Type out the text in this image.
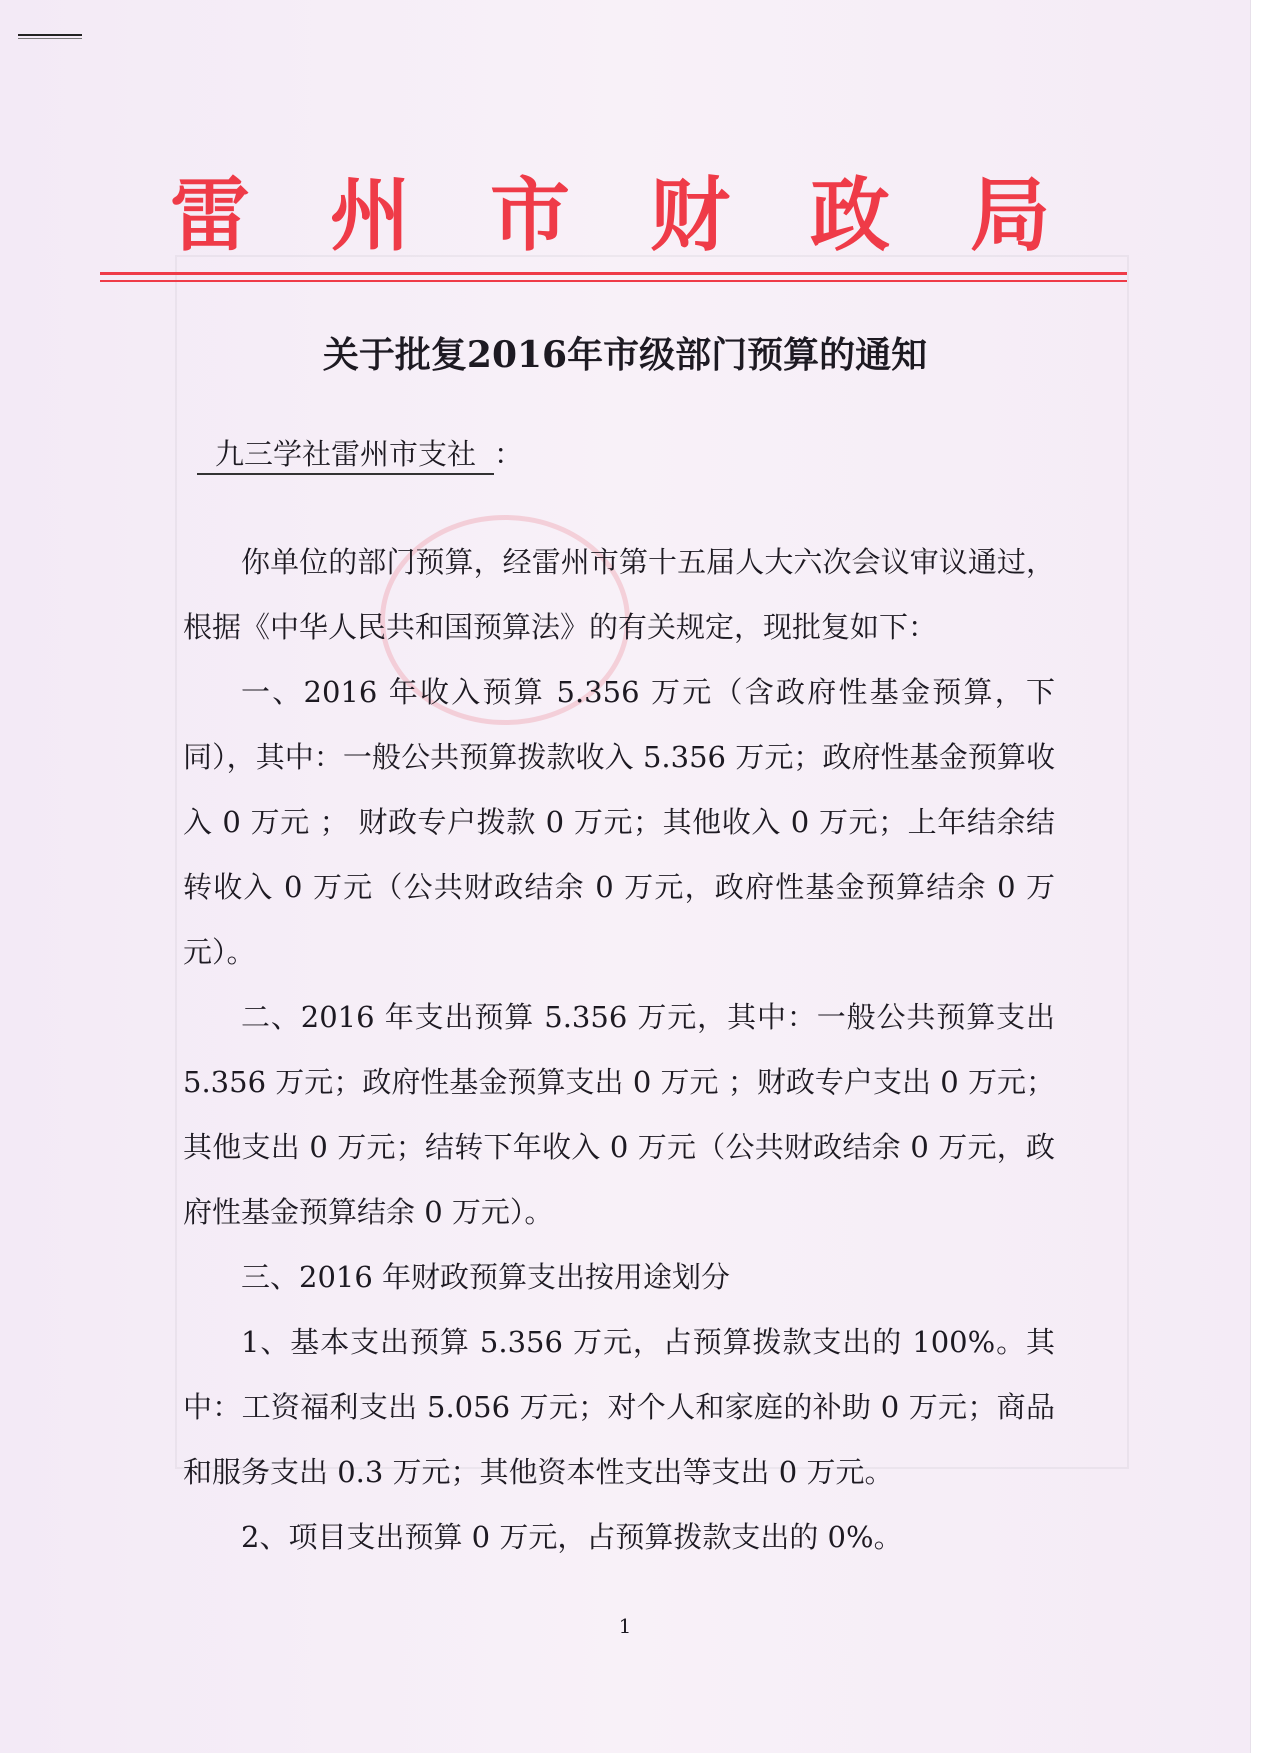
雷 州 市 财 政 局
关于批复2016年市级部门预算的通知
九三学社雷州市支社 ：

你单位的部门预算，经雷州市第十五届人大六次会议审议通过，根据《中华人民共和国预算法》的有关规定，现批复如下：

一、2016 年收入预算 5.356 万元（含政府性基金预算，下同），其中：一般公共预算拨款收入 5.356 万元；政府性基金预算收入 0 万元 ； 财政专户拨款 0 万元；其他收入 0 万元；上年结余结转收入 0 万元（公共财政结余 0 万元，政府性基金预算结余 0 万元）。

二、2016 年支出预算 5.356 万元，其中：一般公共预算支出 5.356 万元；政府性基金预算支出 0 万元 ；财政专户支出 0 万元；其他支出 0 万元；结转下年收入 0 万元（公共财政结余 0 万元，政府性基金预算结余 0 万元）。

三、2016 年财政预算支出按用途划分

1、基本支出预算 5.356 万元，占预算拨款支出的 100%。其中：工资福利支出 5.056 万元；对个人和家庭的补助 0 万元；商品和服务支出 0.3 万元；其他资本性支出等支出 0 万元。

2、项目支出预算 0 万元，占预算拨款支出的 0%。

1
